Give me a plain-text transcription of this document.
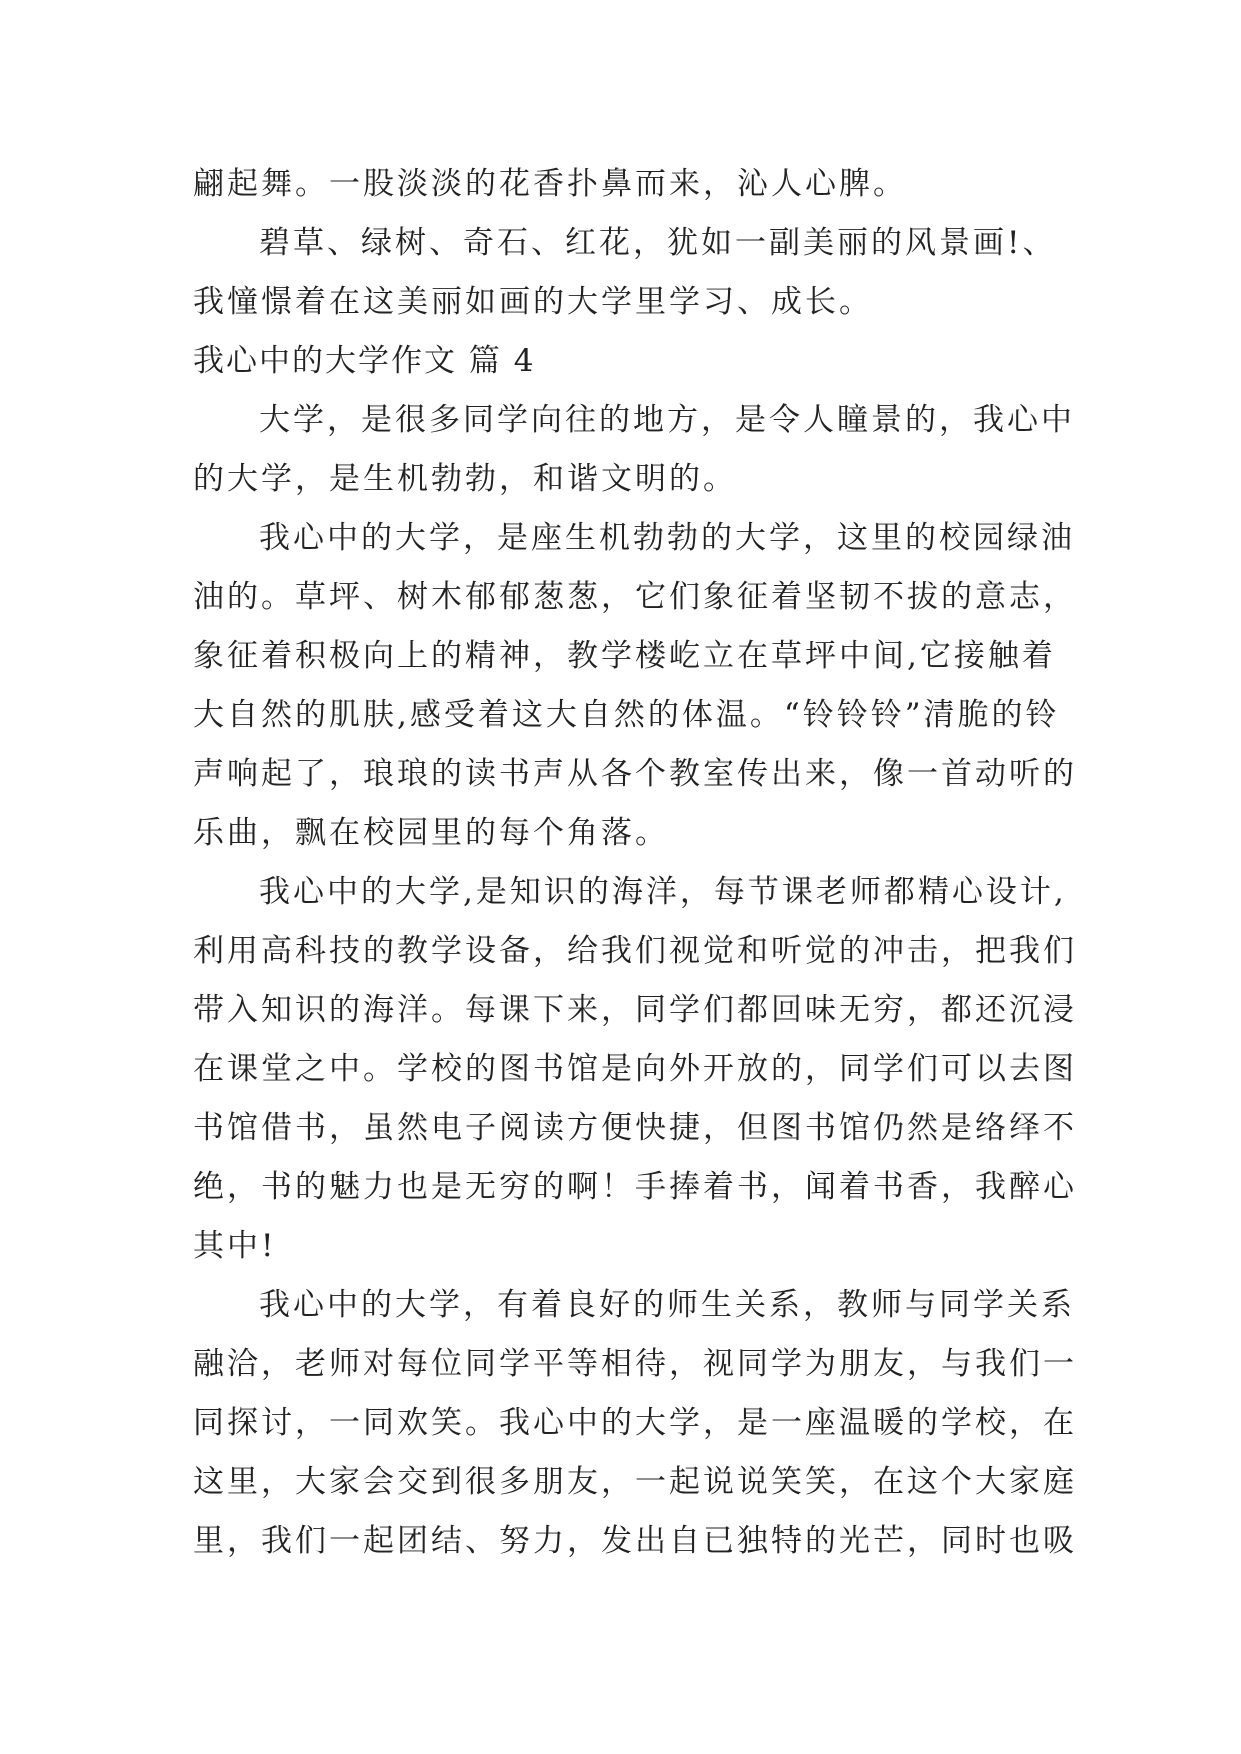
翩起舞。一股淡淡的花香扑鼻而来，沁人心脾。
碧草、绿树、奇石、红花，犹如一副美丽的风景画!、
我憧憬着在这美丽如画的大学里学习、成长。
我心中的大学作文 篇 4
大学，是很多同学向往的地方，是令人瞳景的，我心中
的大学，是生机勃勃，和谐文明的。
我心中的大学，是座生机勃勃的大学，这里的校园绿油
油的。草坪、树木郁郁葱葱，它们象征着坚韧不拔的意志，
象征着积极向上的精神，教学楼屹立在草坪中间,它接触着
大自然的肌肤,感受着这大自然的体温。“铃铃铃”清脆的铃
声响起了，琅琅的读书声从各个教室传出来，像一首动听的
乐曲，飘在校园里的每个角落。
我心中的大学,是知识的海洋，每节课老师都精心设计,
利用高科技的教学设备，给我们视觉和听觉的冲击，把我们
带入知识的海洋。每课下来，同学们都回味无穷，都还沉浸
在课堂之中。学校的图书馆是向外开放的，同学们可以去图
书馆借书，虽然电子阅读方便快捷，但图书馆仍然是络绎不
绝，书的魅力也是无穷的啊！手捧着书，闻着书香，我醉心
其中!
我心中的大学，有着良好的师生关系，教师与同学关系
融洽，老师对每位同学平等相待，视同学为朋友，与我们一
同探讨，一同欢笑。我心中的大学，是一座温暖的学校，在
这里，大家会交到很多朋友，一起说说笑笑，在这个大家庭
里，我们一起团结、努力，发出自已独特的光芒，同时也吸
